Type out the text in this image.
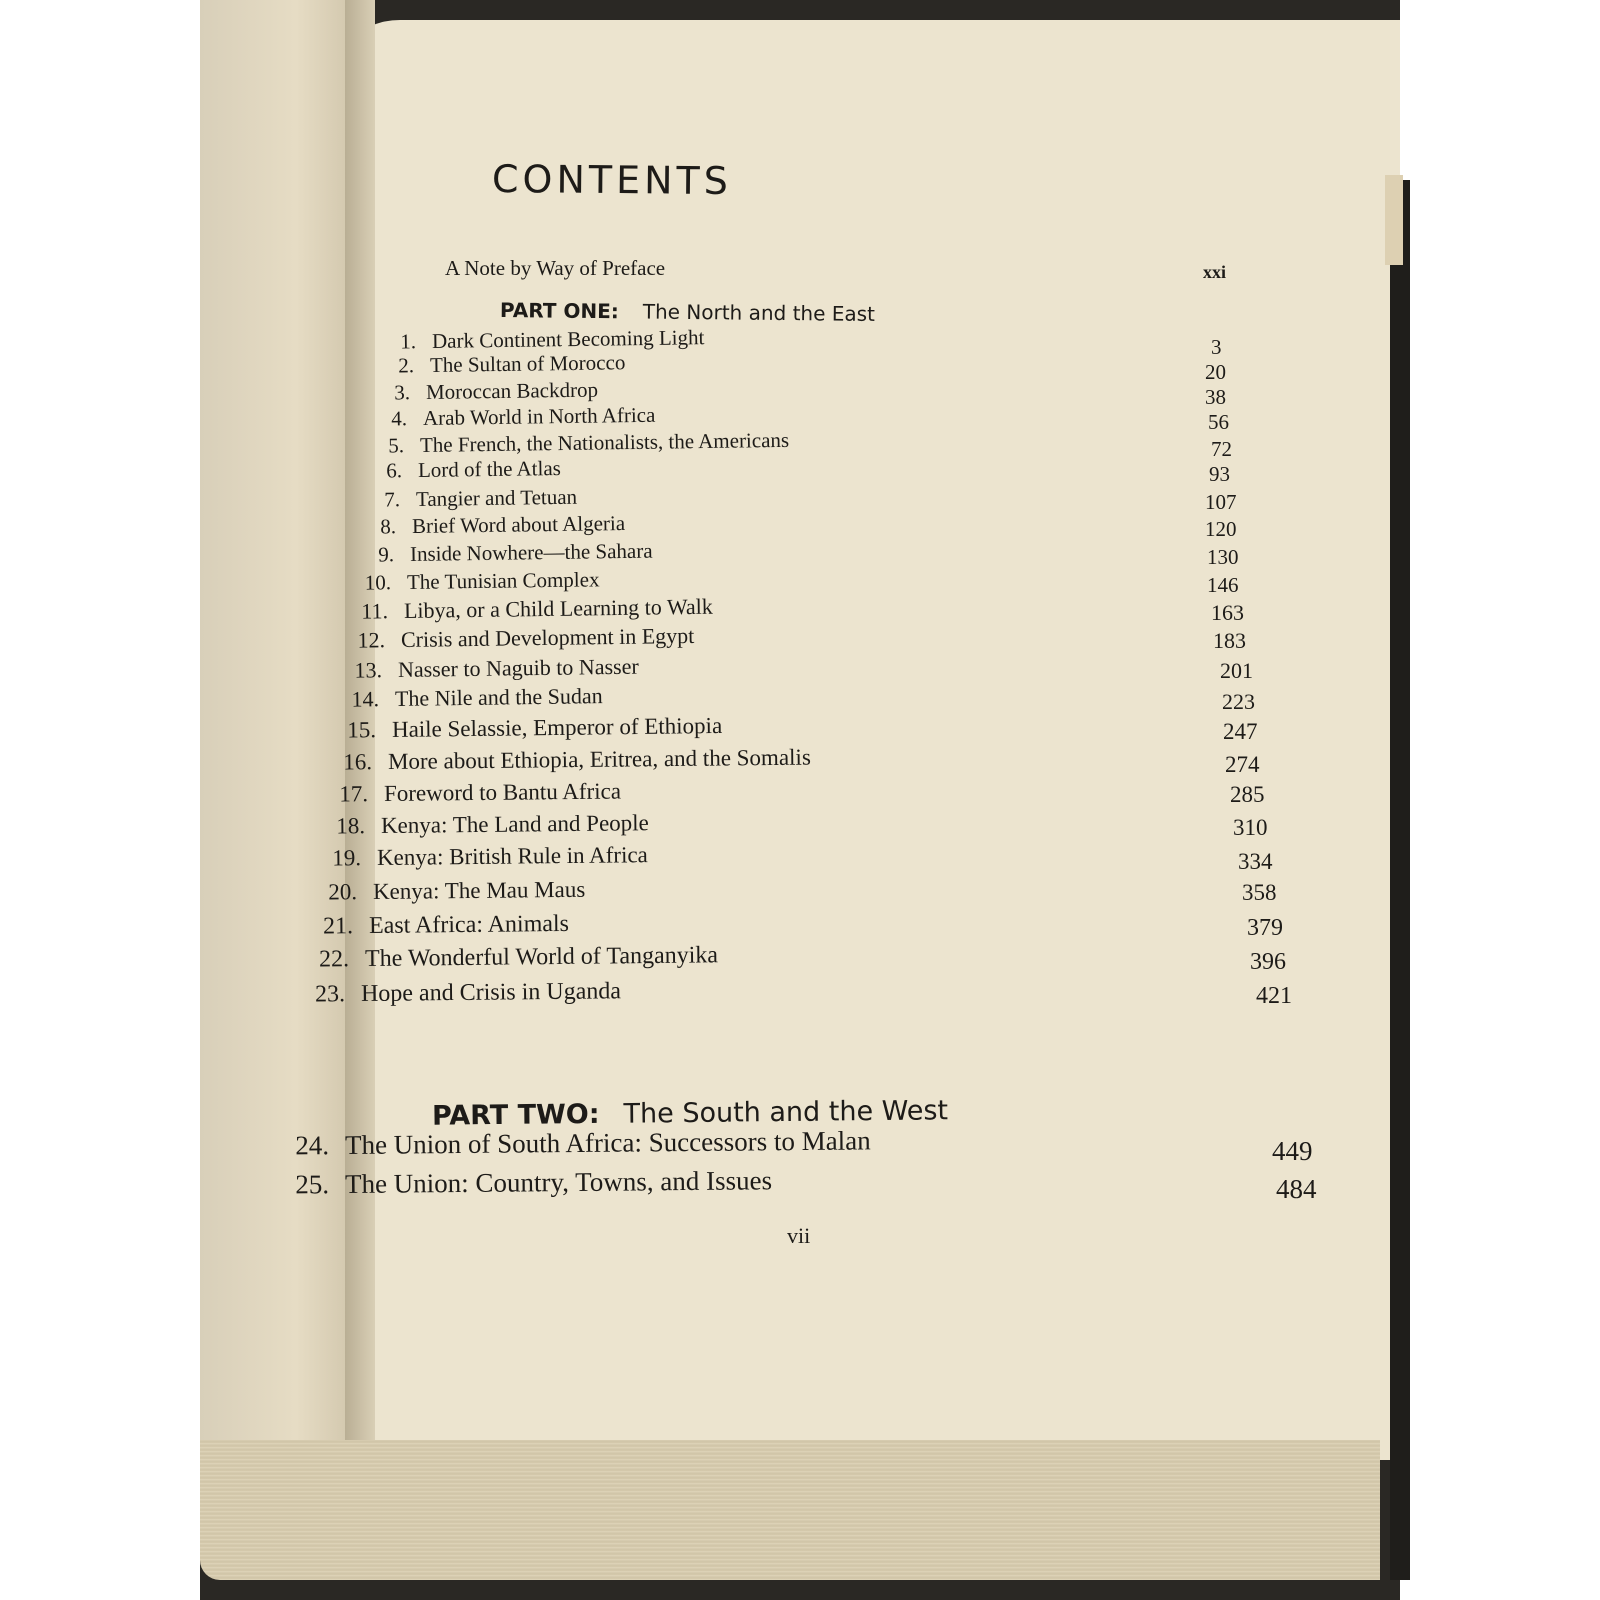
CONTENTS
A Note by Way of Preface	xxi
PART ONE: The North and the East
1. Dark Continent Becoming Light	3
2. The Sultan of Morocco	20
3. Moroccan Backdrop	38
4. Arab World in North Africa	56
5. The French, the Nationalists, the Americans	72
6. Lord of the Atlas	93
7. Tangier and Tetuan	107
8. Brief Word about Algeria	120
9. Inside Nowhere—the Sahara	130
10. The Tunisian Complex	146
11. Libya, or a Child Learning to Walk	163
12. Crisis and Development in Egypt	183
13. Nasser to Naguib to Nasser	201
14. The Nile and the Sudan	223
15. Haile Selassie, Emperor of Ethiopia	247
16. More about Ethiopia, Eritrea, and the Somalis	274
17. Foreword to Bantu Africa	285
18. Kenya: The Land and People	310
19. Kenya: British Rule in Africa	334
20. Kenya: The Mau Maus	358
21. East Africa: Animals	379
22. The Wonderful World of Tanganyika	396
23. Hope and Crisis in Uganda	421
24. The Union of South Africa: Successors to Malan	449
25. The Union: Country, Towns, and Issues	484
PART TWO: The South and the West
vii
